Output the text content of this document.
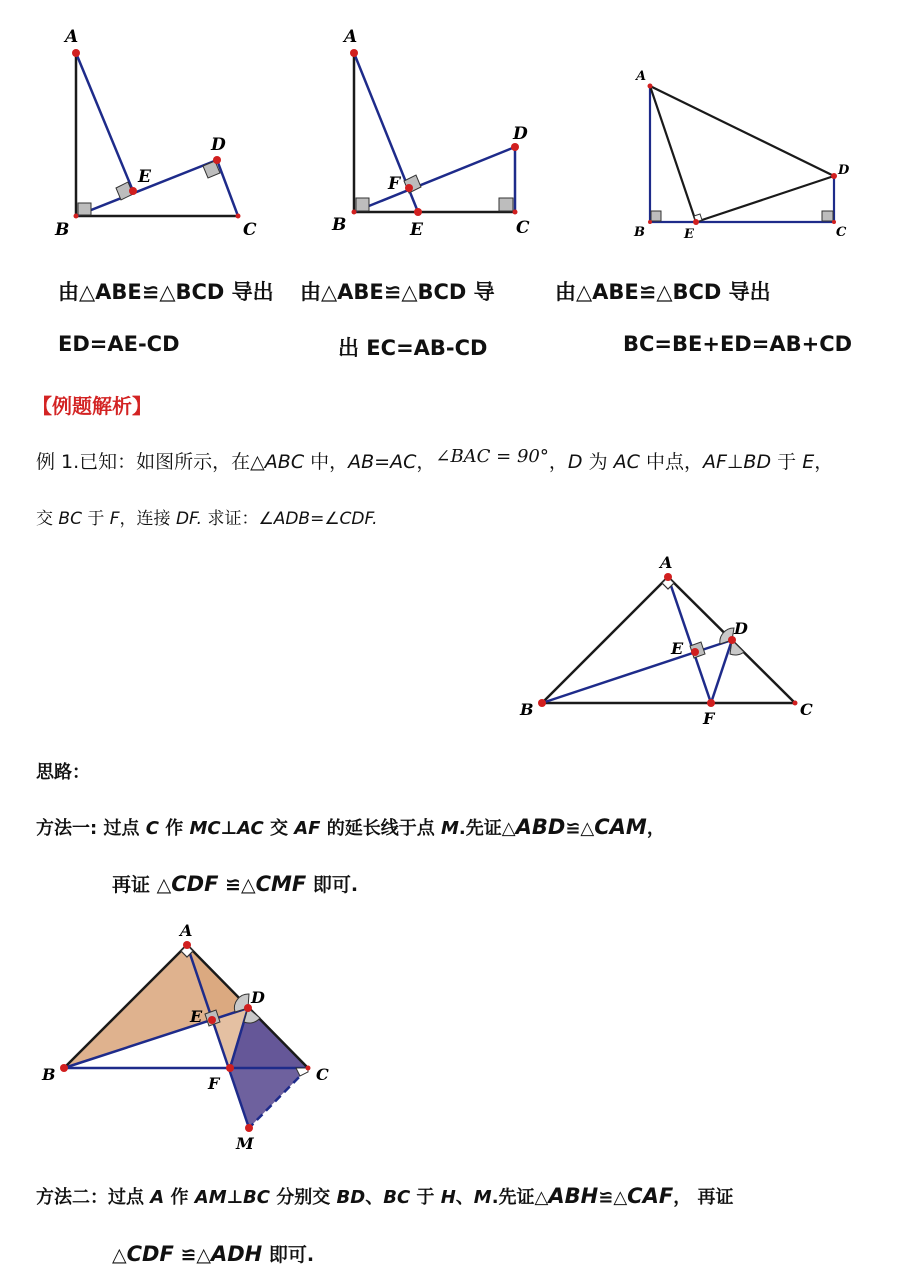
A
B	C
D
E
A
B	C
D
E
F
A
B	C
D
E
由△ABE≌△BCD 导出
ED=AE-CD
由△ABE≌△BCD 导
出 EC=AB-CD
由△ABE≌△BCD 导出
BC=BE+ED=AB+CD
【例题解析】
例 1.已知：如图所示，在△ABC 中，AB=AC，∠BAC = 90°，D 为 AC 中点，AF⊥BD 于 E，
交 BC 于 F，连接 DF. 求证：∠ADB=∠CDF.
A
B	C
D
E
F
思路：
方法一: 过点 C 作 MC⊥AC 交 AF 的延长线于点 M.先证△ABD≌△CAM，
再证 △CDF ≌△CMF 即可.
A
B	C
D
E
F
M
方法二：过点 A 作 AM⊥BC 分别交 BD、BC 于 H、M.先证△ABH≌△CAF， 再证
△CDF ≌△ADH 即可.
